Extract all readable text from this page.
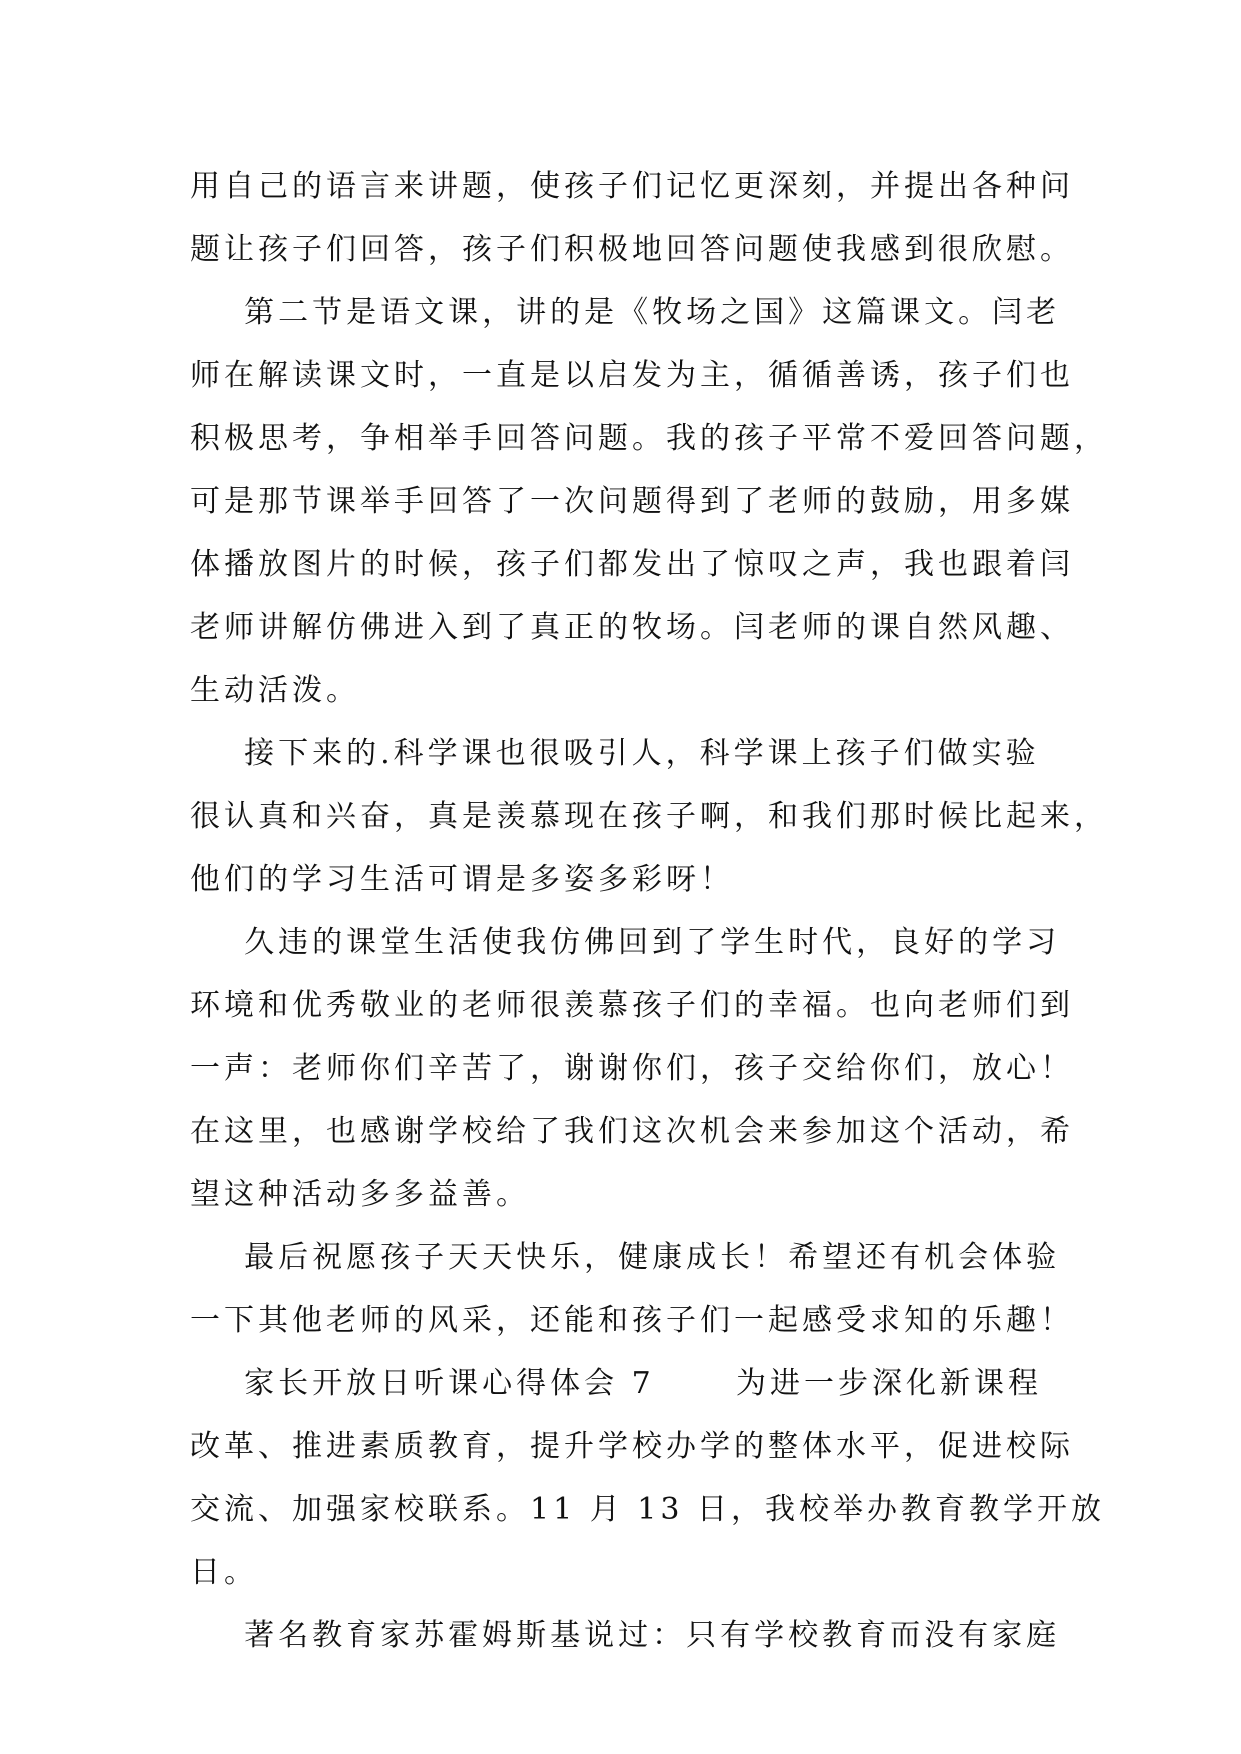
用自己的语言来讲题，使孩子们记忆更深刻，并提出各种问
题让孩子们回答，孩子们积极地回答问题使我感到很欣慰。
第二节是语文课，讲的是《牧场之国》这篇课文。闫老
师在解读课文时，一直是以启发为主，循循善诱，孩子们也
积极思考，争相举手回答问题。我的孩子平常不爱回答问题，
可是那节课举手回答了一次问题得到了老师的鼓励，用多媒
体播放图片的时候，孩子们都发出了惊叹之声，我也跟着闫
老师讲解仿佛进入到了真正的牧场。闫老师的课自然风趣、
生动活泼。
接下来的.科学课也很吸引人，科学课上孩子们做实验
很认真和兴奋，真是羡慕现在孩子啊，和我们那时候比起来，
他们的学习生活可谓是多姿多彩呀！
久违的课堂生活使我仿佛回到了学生时代，良好的学习
环境和优秀敬业的老师很羡慕孩子们的幸福。也向老师们到
一声：老师你们辛苦了，谢谢你们，孩子交给你们，放心！
在这里，也感谢学校给了我们这次机会来参加这个活动，希
望这种活动多多益善。
最后祝愿孩子天天快乐，健康成长！希望还有机会体验
一下其他老师的风采，还能和孩子们一起感受求知的乐趣！
家长开放日听课心得体会 7      为进一步深化新课程
改革、推进素质教育，提升学校办学的整体水平，促进校际
交流、加强家校联系。11 月 13 日，我校举办教育教学开放
日。
著名教育家苏霍姆斯基说过：只有学校教育而没有家庭
